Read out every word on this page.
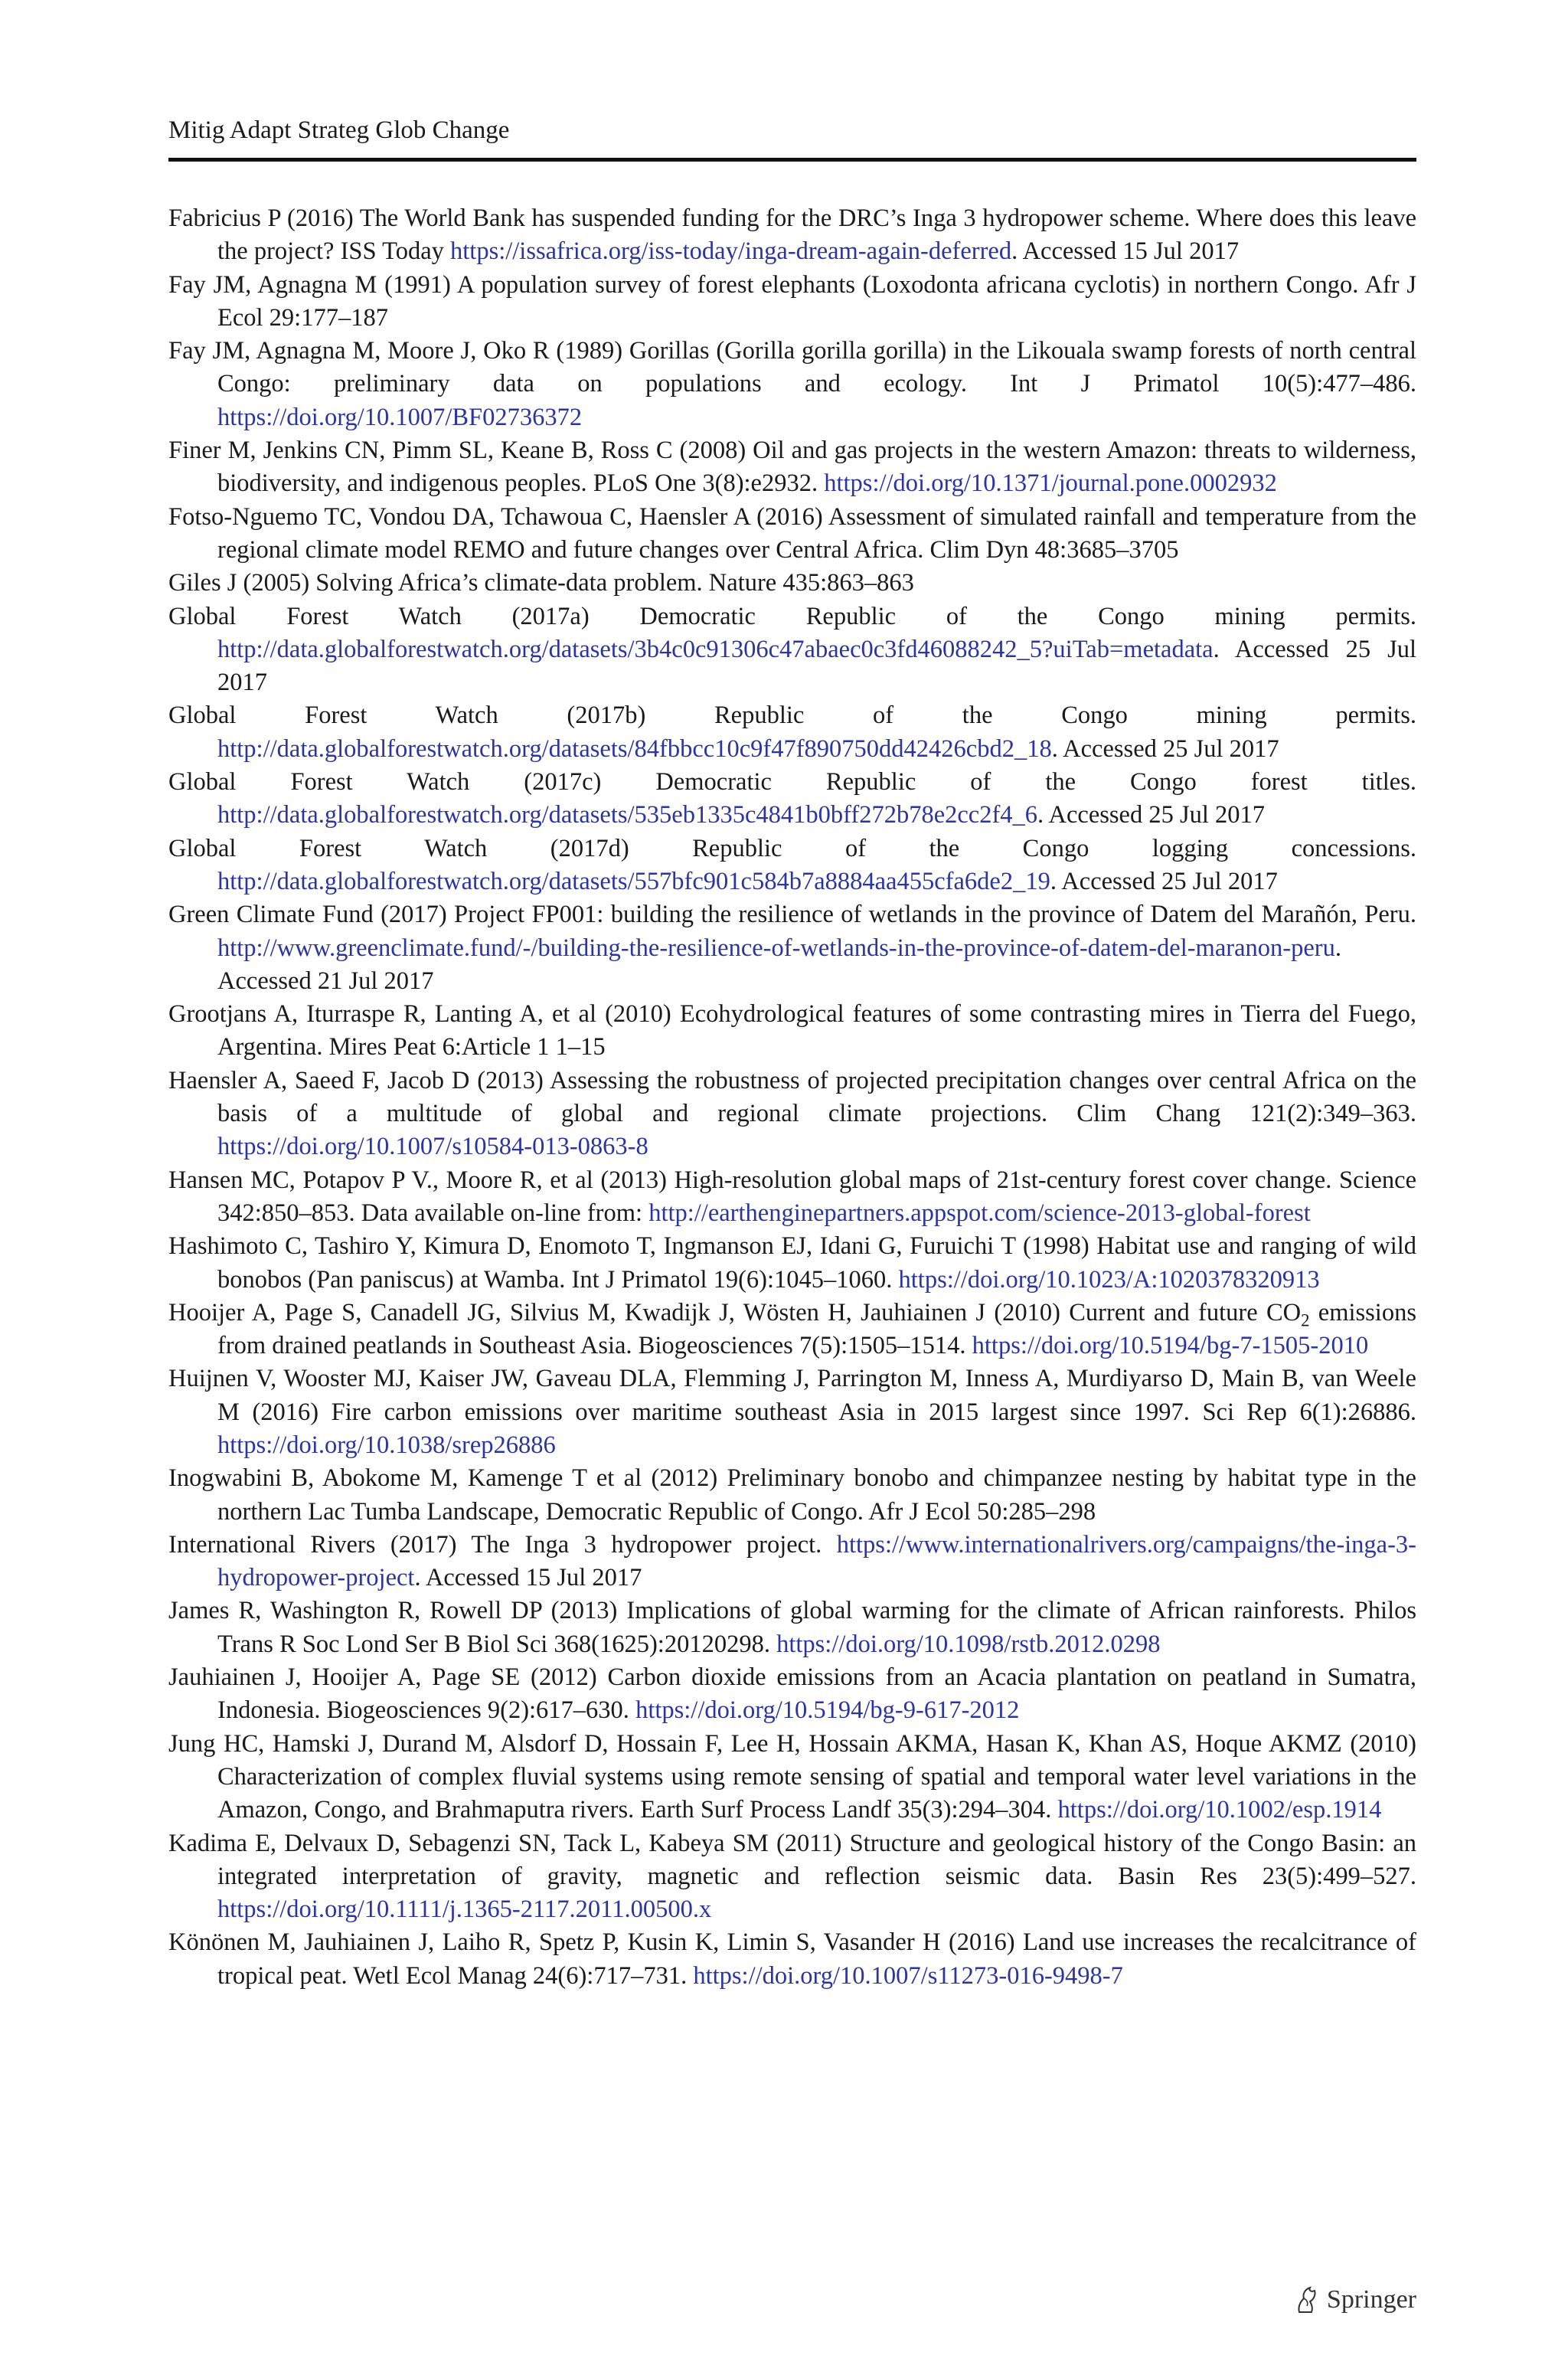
Mitig Adapt Strateg Glob Change

Fabricius P (2016) The World Bank has suspended funding for the DRC’s Inga 3 hydropower scheme. Where does this leave the project? ISS Today https://issafrica.org/iss-today/inga-dream-again-deferred. Accessed 15 Jul 2017

Fay JM, Agnagna M (1991) A population survey of forest elephants (Loxodonta africana cyclotis) in northern Congo. Afr J Ecol 29:177–187

Fay JM, Agnagna M, Moore J, Oko R (1989) Gorillas (Gorilla gorilla gorilla) in the Likouala swamp forests of north central Congo: preliminary data on populations and ecology. Int J Primatol 10(5):477–486. https://doi.org/10.1007/BF02736372

Finer M, Jenkins CN, Pimm SL, Keane B, Ross C (2008) Oil and gas projects in the western Amazon: threats to wilderness, biodiversity, and indigenous peoples. PLoS One 3(8):e2932. https://doi.org/10.1371/journal.pone.0002932

Fotso-Nguemo TC, Vondou DA, Tchawoua C, Haensler A (2016) Assessment of simulated rainfall and temperature from the regional climate model REMO and future changes over Central Africa. Clim Dyn 48:3685–3705

Giles J (2005) Solving Africa’s climate-data problem. Nature 435:863–863

Global Forest Watch (2017a) Democratic Republic of the Congo mining permits. http://data.globalforestwatch.org/datasets/3b4c0c91306c47abaec0c3fd46088242_5?uiTab=metadata. Accessed 25 Jul 2017

Global Forest Watch (2017b) Republic of the Congo mining permits. http://data.globalforestwatch.org/datasets/84fbbcc10c9f47f890750dd42426cbd2_18. Accessed 25 Jul 2017

Global Forest Watch (2017c) Democratic Republic of the Congo forest titles. http://data.globalforestwatch.org/datasets/535eb1335c4841b0bff272b78e2cc2f4_6. Accessed 25 Jul 2017

Global Forest Watch (2017d) Republic of the Congo logging concessions. http://data.globalforestwatch.org/datasets/557bfc901c584b7a8884aa455cfa6de2_19. Accessed 25 Jul 2017

Green Climate Fund (2017) Project FP001: building the resilience of wetlands in the province of Datem del Marañón, Peru. http://www.greenclimate.fund/-/building-the-resilience-of-wetlands-in-the-province-of-datem-del-maranon-peru. Accessed 21 Jul 2017

Grootjans A, Iturraspe R, Lanting A, et al (2010) Ecohydrological features of some contrasting mires in Tierra del Fuego, Argentina. Mires Peat 6:Article 1 1–15

Haensler A, Saeed F, Jacob D (2013) Assessing the robustness of projected precipitation changes over central Africa on the basis of a multitude of global and regional climate projections. Clim Chang 121(2):349–363. https://doi.org/10.1007/s10584-013-0863-8

Hansen MC, Potapov P V., Moore R, et al (2013) High-resolution global maps of 21st-century forest cover change. Science 342:850–853. Data available on-line from: http://earthenginepartners.appspot.com/science-2013-global-forest

Hashimoto C, Tashiro Y, Kimura D, Enomoto T, Ingmanson EJ, Idani G, Furuichi T (1998) Habitat use and ranging of wild bonobos (Pan paniscus) at Wamba. Int J Primatol 19(6):1045–1060. https://doi.org/10.1023/A:1020378320913

Hooijer A, Page S, Canadell JG, Silvius M, Kwadijk J, Wösten H, Jauhiainen J (2010) Current and future $CO_2$ emissions from drained peatlands in Southeast Asia. Biogeosciences 7(5):1505–1514. https://doi.org/10.5194/bg-7-1505-2010

Huijnen V, Wooster MJ, Kaiser JW, Gaveau DLA, Flemming J, Parrington M, Inness A, Murdiyarso D, Main B, van Weele M (2016) Fire carbon emissions over maritime southeast Asia in 2015 largest since 1997. Sci Rep 6(1):26886. https://doi.org/10.1038/srep26886

Inogwabini B, Abokome M, Kamenge T et al (2012) Preliminary bonobo and chimpanzee nesting by habitat type in the northern Lac Tumba Landscape, Democratic Republic of Congo. Afr J Ecol 50:285–298

International Rivers (2017) The Inga 3 hydropower project. https://www.internationalrivers.org/campaigns/the-inga-3-hydropower-project. Accessed 15 Jul 2017

James R, Washington R, Rowell DP (2013) Implications of global warming for the climate of African rainforests. Philos Trans R Soc Lond Ser B Biol Sci 368(1625):20120298. https://doi.org/10.1098/rstb.2012.0298

Jauhiainen J, Hooijer A, Page SE (2012) Carbon dioxide emissions from an Acacia plantation on peatland in Sumatra, Indonesia. Biogeosciences 9(2):617–630. https://doi.org/10.5194/bg-9-617-2012

Jung HC, Hamski J, Durand M, Alsdorf D, Hossain F, Lee H, Hossain AKMA, Hasan K, Khan AS, Hoque AKMZ (2010) Characterization of complex fluvial systems using remote sensing of spatial and temporal water level variations in the Amazon, Congo, and Brahmaputra rivers. Earth Surf Process Landf 35(3):294–304. https://doi.org/10.1002/esp.1914

Kadima E, Delvaux D, Sebagenzi SN, Tack L, Kabeya SM (2011) Structure and geological history of the Congo Basin: an integrated interpretation of gravity, magnetic and reflection seismic data. Basin Res 23(5):499–527. https://doi.org/10.1111/j.1365-2117.2011.00500.x

Könönen M, Jauhiainen J, Laiho R, Spetz P, Kusin K, Limin S, Vasander H (2016) Land use increases the recalcitrance of tropical peat. Wetl Ecol Manag 24(6):717–731. https://doi.org/10.1007/s11273-016-9498-7

Springer
